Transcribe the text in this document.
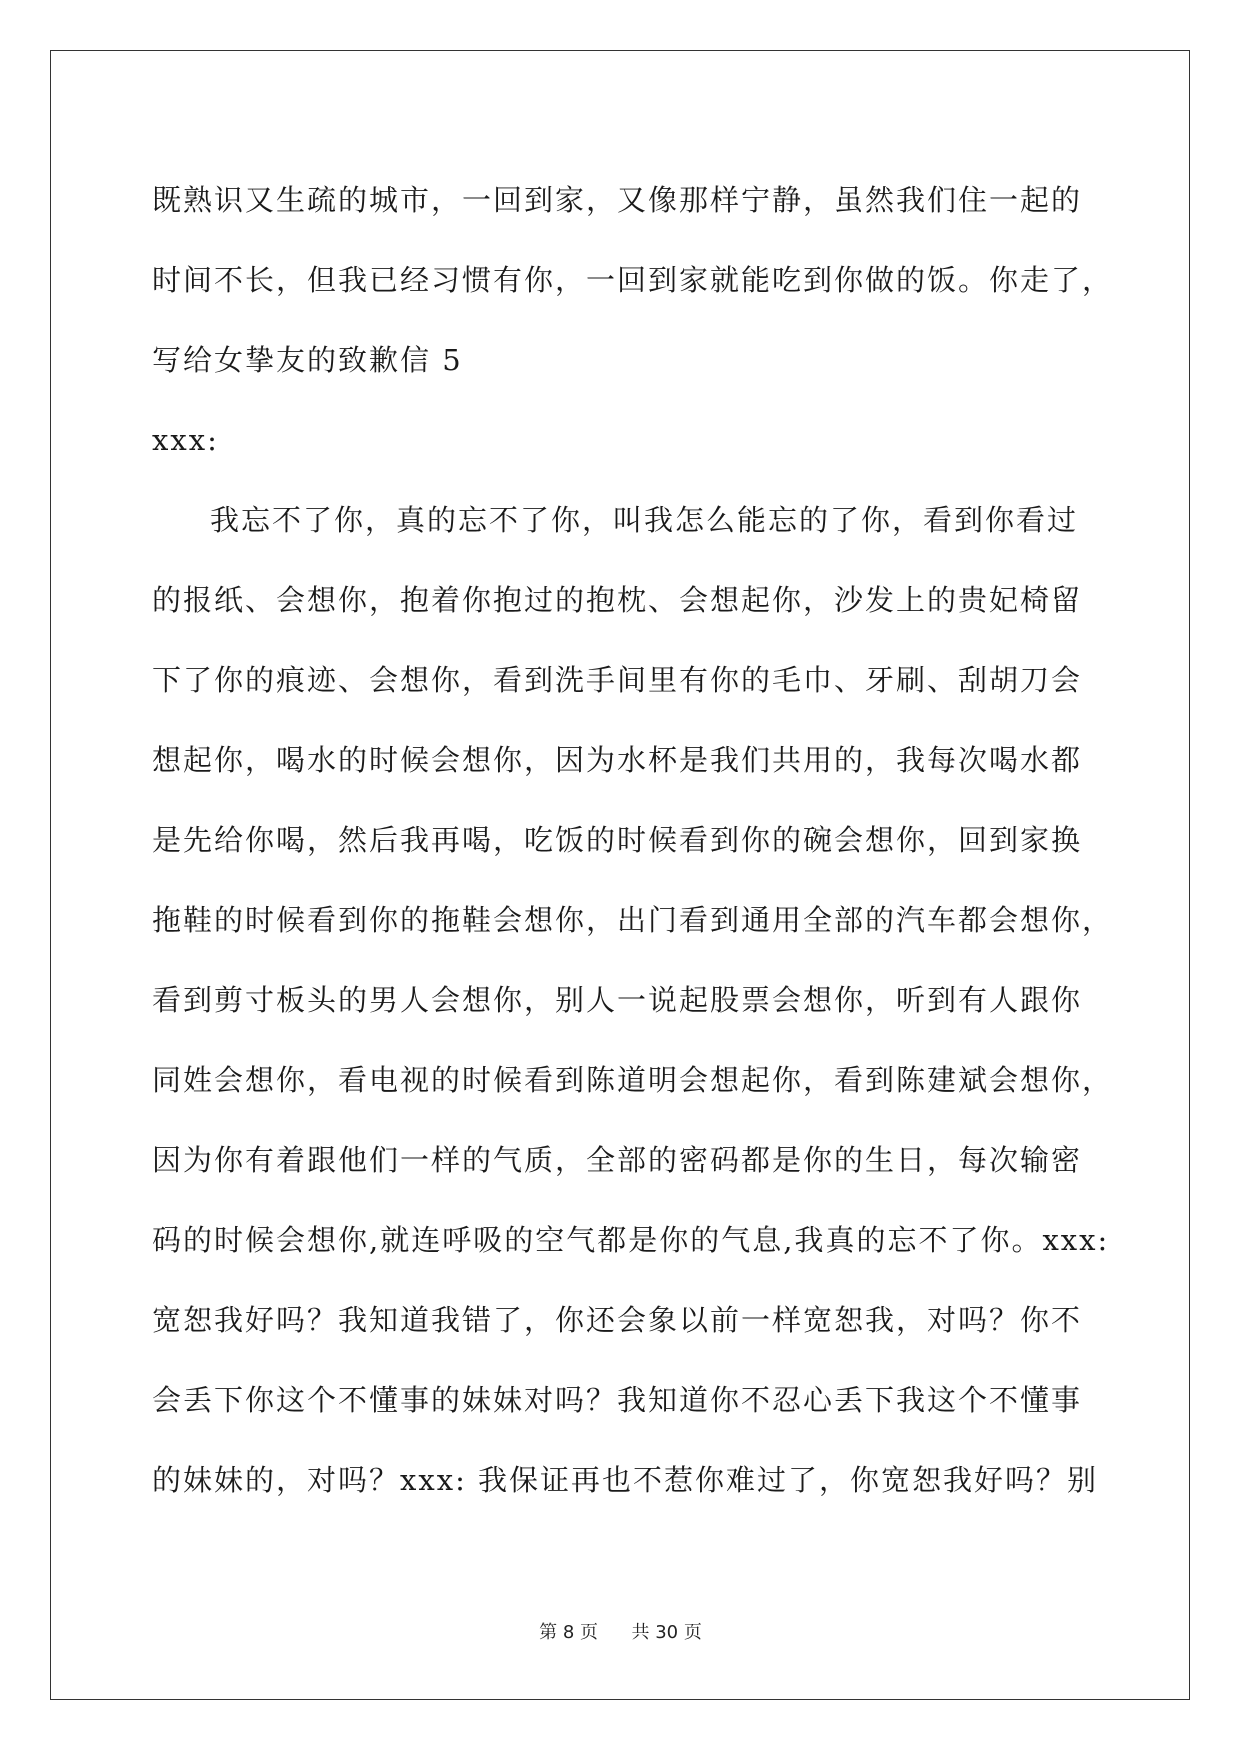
既熟识又生疏的城市，一回到家，又像那样宁静，虽然我们住一起的
时间不长，但我已经习惯有你，一回到家就能吃到你做的饭。你走了，
写给女挚友的致歉信 5
xxx:
我忘不了你，真的忘不了你，叫我怎么能忘的了你，看到你看过
的报纸、会想你，抱着你抱过的抱枕、会想起你，沙发上的贵妃椅留
下了你的痕迹、会想你，看到洗手间里有你的毛巾、牙刷、刮胡刀会
想起你，喝水的时候会想你，因为水杯是我们共用的，我每次喝水都
是先给你喝，然后我再喝，吃饭的时候看到你的碗会想你，回到家换
拖鞋的时候看到你的拖鞋会想你，出门看到通用全部的汽车都会想你，
看到剪寸板头的男人会想你，别人一说起股票会想你，听到有人跟你
同姓会想你，看电视的时候看到陈道明会想起你，看到陈建斌会想你，
因为你有着跟他们一样的气质，全部的密码都是你的生日，每次输密
码的时候会想你,就连呼吸的空气都是你的气息,我真的忘不了你。xxx:
宽恕我好吗？我知道我错了，你还会象以前一样宽恕我，对吗？你不
会丢下你这个不懂事的妹妹对吗？我知道你不忍心丢下我这个不懂事
的妹妹的，对吗？xxx: 我保证再也不惹你难过了，你宽恕我好吗？别
第 8 页 共 30 页
